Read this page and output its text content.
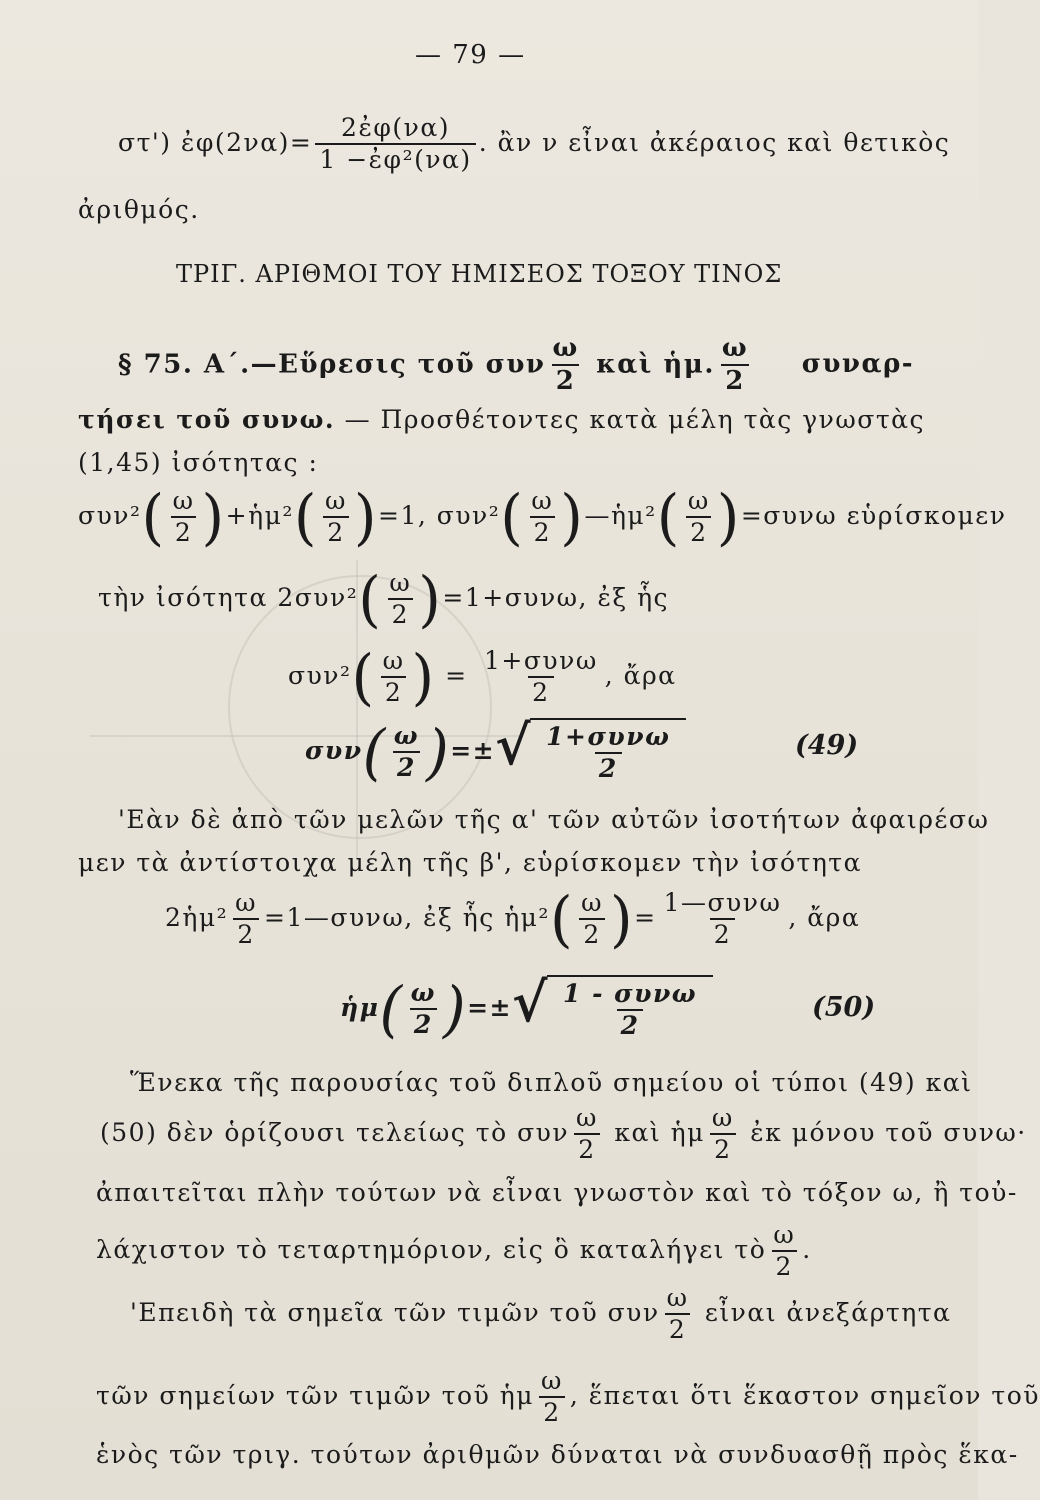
— 79 —
στ') ἐφ(2να)= $\frac{\text{2ἐφ(να)}}{\text{1 −ἐφ²(να)}}$ . ἂν ν εἶναι ἀκέραιος καὶ θετικὸς
ἀριθμός.
ΤΡΙΓ. ΑΡΙΘΜΟΙ ΤΟΥ ΗΜΙΣΕΟΣ ΤΟΞΟΥ ΤΙΝΟΣ
§ 75. Α΄.—Εὕρεσις τοῦ συν $\frac{\omega}{2}$ καὶ ἡμ. $\frac{\omega}{2} \sigma\upsilon\nu\alpha\rho-$
τήσει τοῦ συνω. — Προσθέτοντες κατὰ μέλη τὰς γνωστὰς
(1,45) ἰσότητας :
$\sigma\upsilon\nu^2( \frac{\omega}{2}$ )+ἡμ²( $\frac{\omega}{2} )=1$, $\sigma\upsilon\nu^2( \frac{\omega}{2}$ )—ἡμ²( $\frac{\omega}{2} )=\sigma\upsilon\nu\omega$ εὑρίσκομεν
τὴν ἰσότητα $2\sigma\upsilon\nu^2( \frac{\omega}{2} )=1+\sigma\upsilon\nu\omega$, ἐξ ἧς
$\sigma\upsilon\nu^2( \frac{\omega}{2}$ ) = $\frac{\text{1+συνω}}{2}$ , ἄρα
$\sigma\upsilon\nu( \frac{\omega}{2}$ )=± √ $\frac{\text{1+συνω}}{2}$	(49)
'Εὰν δὲ ἀπὸ τῶν μελῶν τῆς α' τῶν αὐτῶν ἰσοτήτων ἀφαιρέσω
μεν τὰ ἀντίστοιχα μέλη τῆς β', εὑρίσκομεν τὴν ἰσότητα
2ἡμ² $\frac{\omega}{2}$ =1—συνω, ἐξ ἧς ἡμ²( $\frac{\omega}{2}$ )= $\frac{\text{1—συνω}}{2}$ , ἄρα
ἡμ( $\frac{\omega}{2}$ )=± √ $\frac{\text{1 - συνω}}{2}$	(50)
Ἕνεκα τῆς παρουσίας τοῦ διπλοῦ σημείου οἱ τύποι (49) καὶ
(50) δὲν ὁρίζουσι τελείως τὸ συν $\frac{\omega}{2}$ καὶ ἡμ $\frac{\omega}{2}$ ἐκ μόνου τοῦ συνω·
ἀπαιτεῖται πλὴν τούτων νὰ εἶναι γνωστὸν καὶ τὸ τόξον ω, ἢ τοὐ-
λάχιστον τὸ τεταρτημόριον, εἰς ὃ καταλήγει τὸ $\frac{\omega}{2}$ .
'Επειδὴ τὰ σημεῖα τῶν τιμῶν τοῦ συν $\frac{\omega}{2}$ εἶναι ἀνεξάρτητα
τῶν σημείων τῶν τιμῶν τοῦ ἡμ $\frac{\omega}{2}$ , ἕπεται ὅτι ἕκαστον σημεῖον τοῦ
ἑνὸς τῶν τριγ. τούτων ἀριθμῶν δύναται νὰ συνδυασθῇ πρὸς ἕκα-
